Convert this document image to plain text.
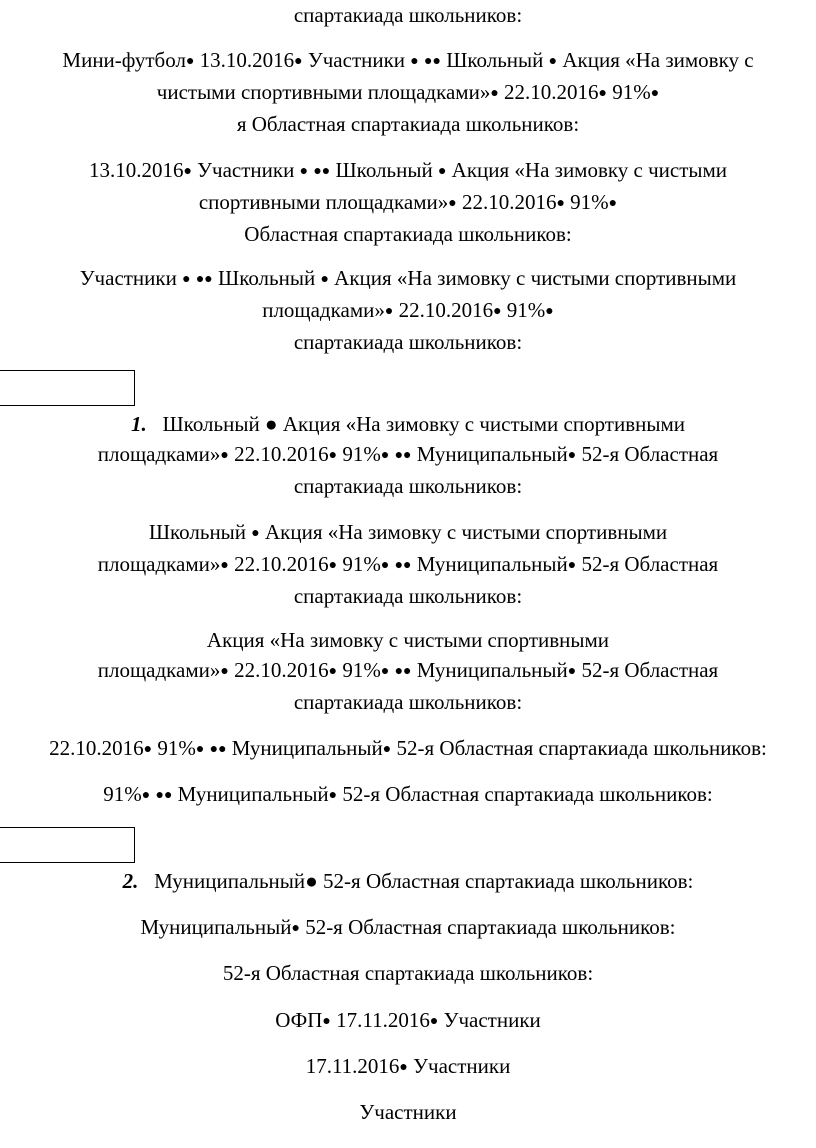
спартакиада школьников:

Мини-футбол● 13.10.2016● Участники ● ●● Школьный ● Акция «На зимовку с
чистыми спортивными площадками»● 22.10.2016● 91%●
я Областная спартакиада школьников:

13.10.2016● Участники ● ●● Школьный ● Акция «На зимовку с чистыми
спортивными площадками»● 22.10.2016● 91%●
Областная спартакиада школьников:

Участники ● ●● Школьный ● Акция «На зимовку с чистыми спортивными
площадками»● 22.10.2016● 91%●
спартакиада школьников:

1. Школьный ● Акция «На зимовку с чистыми спортивными
площадками»● 22.10.2016● 91%● ●● Муниципальный● 52-я Областная
спартакиада школьников:

Школьный ● Акция «На зимовку с чистыми спортивными
площадками»● 22.10.2016● 91%● ●● Муниципальный● 52-я Областная
спартакиада школьников:

Акция «На зимовку с чистыми спортивными
площадками»● 22.10.2016● 91%● ●● Муниципальный● 52-я Областная
спартакиада школьников:

22.10.2016● 91%● ●● Муниципальный● 52-я Областная спартакиада школьников:

91%● ●● Муниципальный● 52-я Областная спартакиада школьников:

2. Муниципальный● 52-я Областная спартакиада школьников:

Муниципальный● 52-я Областная спартакиада школьников:

52-я Областная спартакиада школьников:

ОФП● 17.11.2016● Участники

17.11.2016● Участники

Участники
